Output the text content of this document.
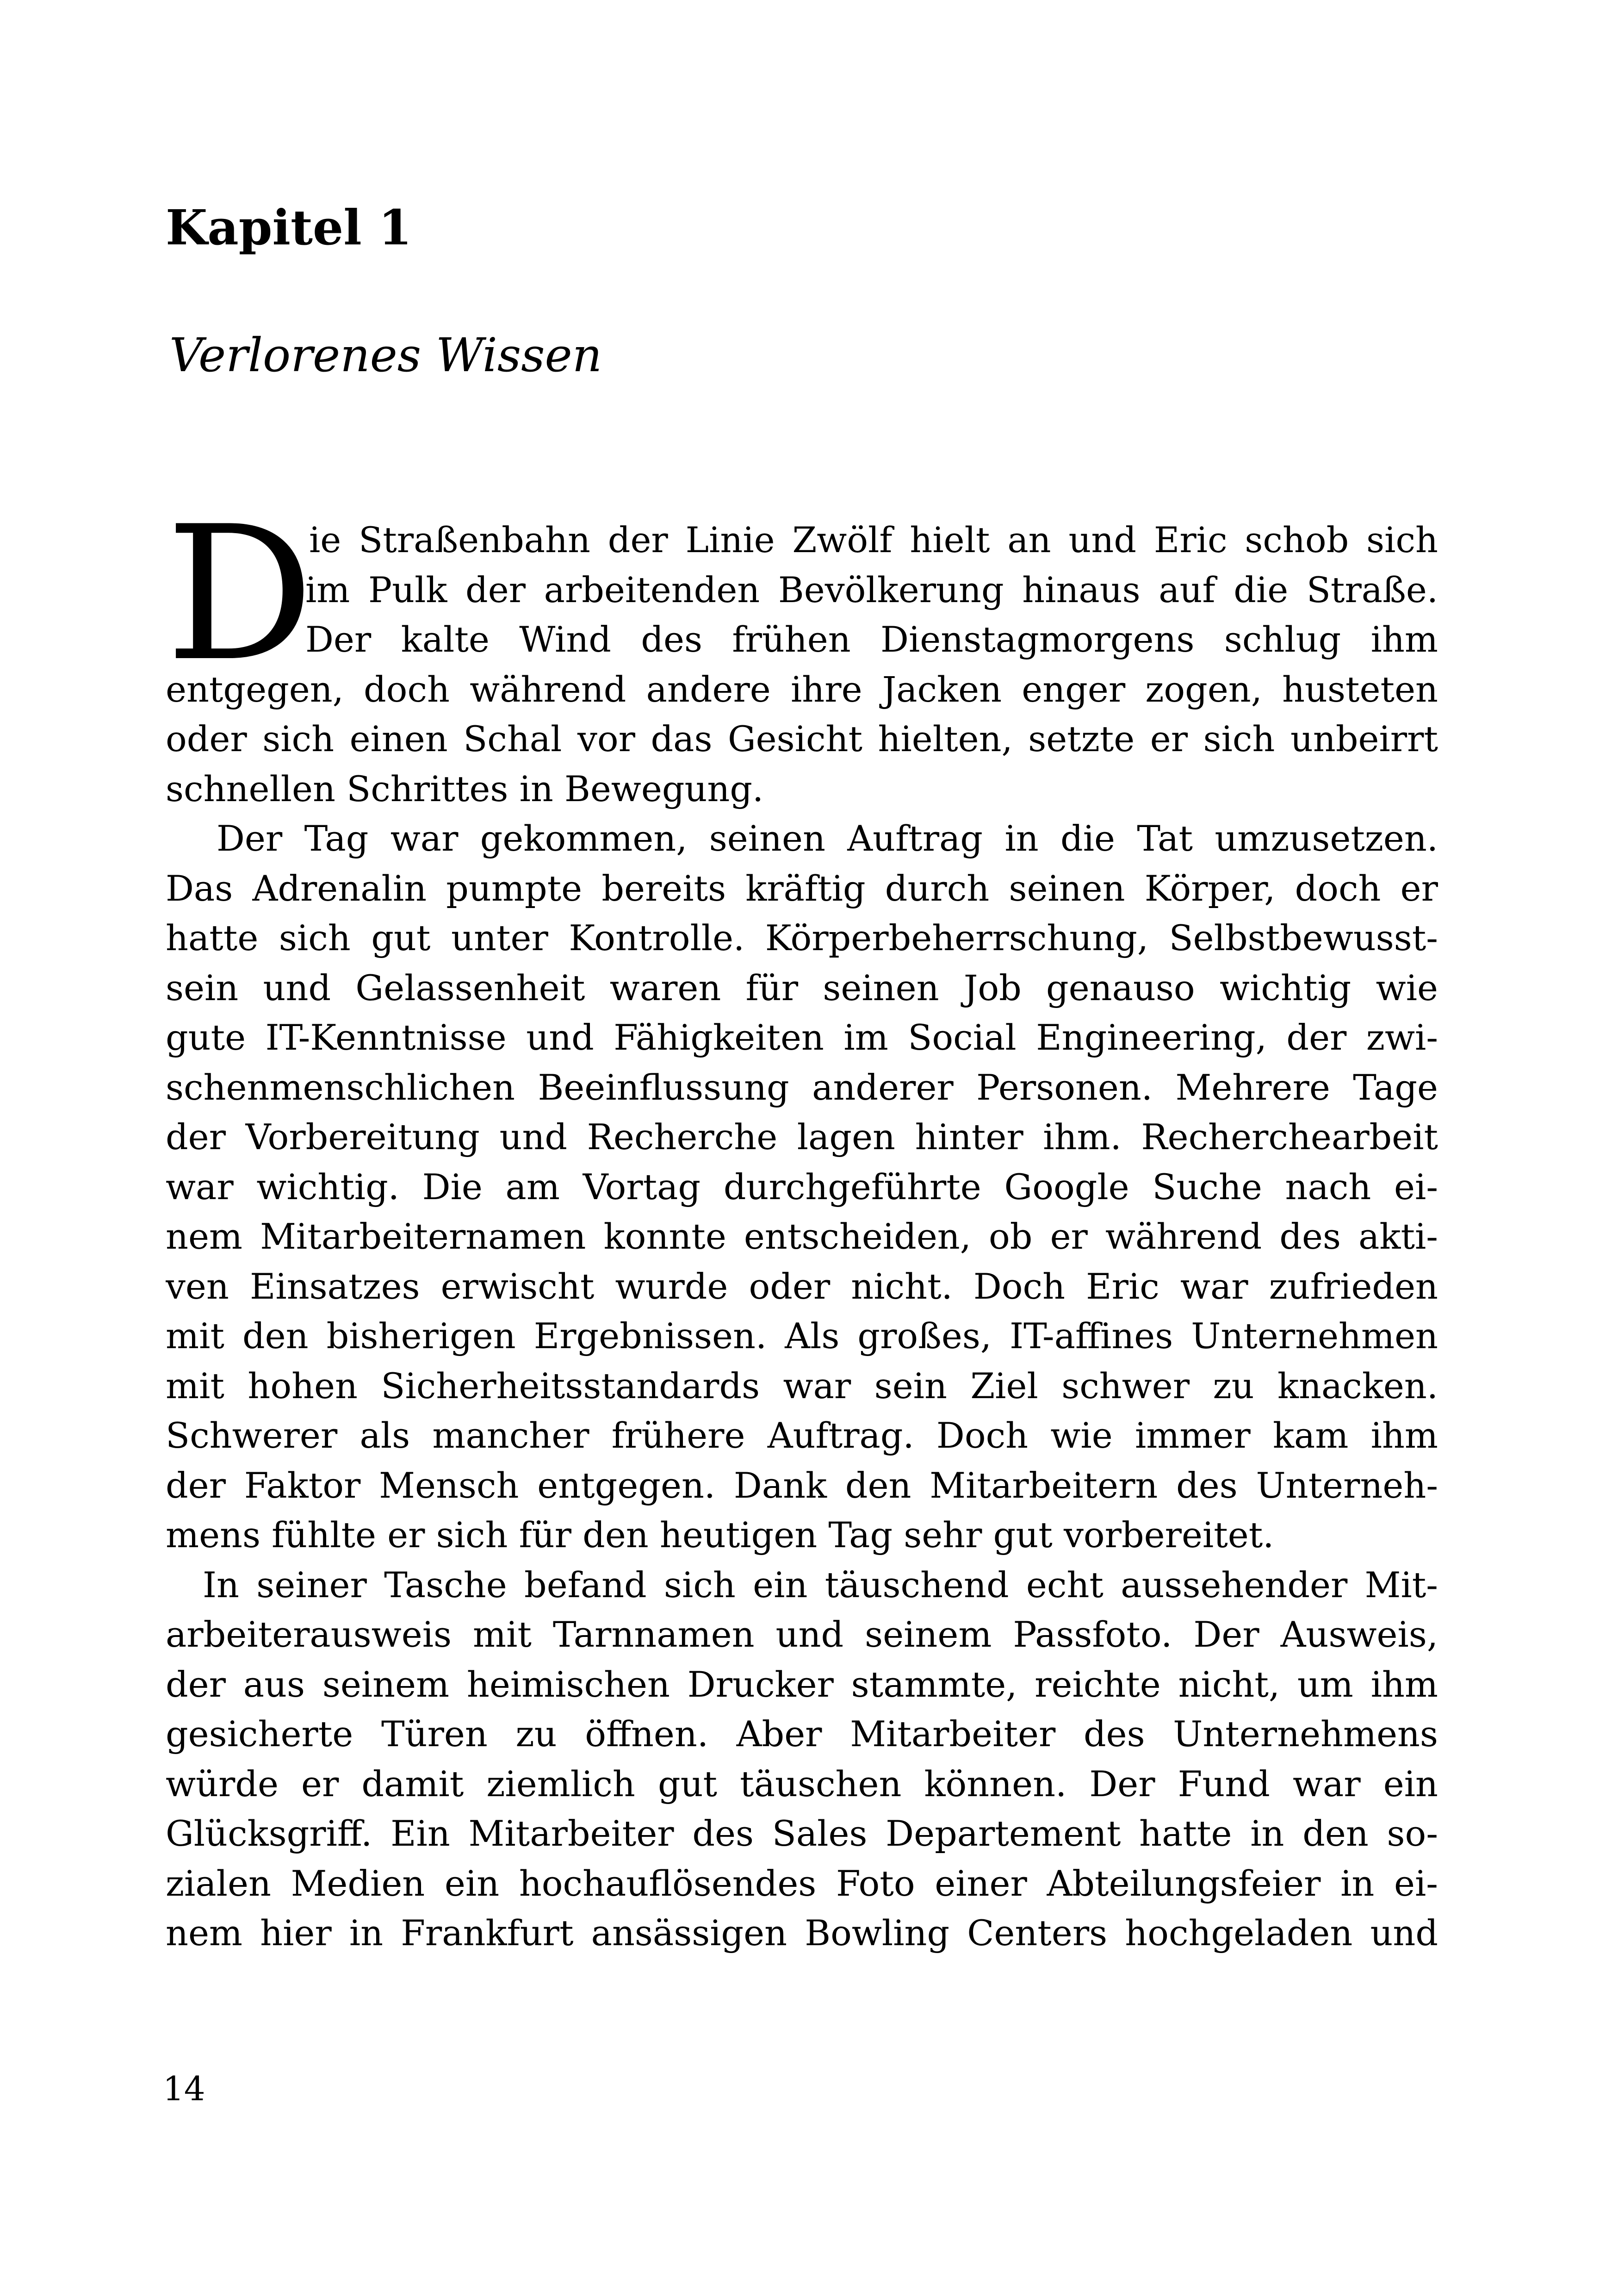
Kapitel 1
Verlorenes Wissen
D
ie Straßenbahn der Linie Zwölf hielt an und Eric schob sich
im Pulk der arbeitenden Bevölkerung hinaus auf die Straße.
Der kalte Wind des frühen Dienstagmorgens schlug ihm
entgegen, doch während andere ihre Jacken enger zogen, husteten
oder sich einen Schal vor das Gesicht hielten, setzte er sich unbeirrt
schnellen Schrittes in Bewegung.
Der Tag war gekommen, seinen Auftrag in die Tat umzusetzen.
Das Adrenalin pumpte bereits kräftig durch seinen Körper, doch er
hatte sich gut unter Kontrolle. Körperbeherrschung, Selbstbewusst-
sein und Gelassenheit waren für seinen Job genauso wichtig wie
gute IT-Kenntnisse und Fähigkeiten im Social Engineering, der zwi-
schenmenschlichen Beeinflussung anderer Personen. Mehrere Tage
der Vorbereitung und Recherche lagen hinter ihm. Recherchearbeit
war wichtig. Die am Vortag durchgeführte Google Suche nach ei-
nem Mitarbeiternamen konnte entscheiden, ob er während des akti-
ven Einsatzes erwischt wurde oder nicht. Doch Eric war zufrieden
mit den bisherigen Ergebnissen. Als großes, IT-affines Unternehmen
mit hohen Sicherheitsstandards war sein Ziel schwer zu knacken.
Schwerer als mancher frühere Auftrag. Doch wie immer kam ihm
der Faktor Mensch entgegen. Dank den Mitarbeitern des Unterneh-
mens fühlte er sich für den heutigen Tag sehr gut vorbereitet.
In seiner Tasche befand sich ein täuschend echt aussehender Mit-
arbeiterausweis mit Tarnnamen und seinem Passfoto. Der Ausweis,
der aus seinem heimischen Drucker stammte, reichte nicht, um ihm
gesicherte Türen zu öffnen. Aber Mitarbeiter des Unternehmens
würde er damit ziemlich gut täuschen können. Der Fund war ein
Glücksgriff. Ein Mitarbeiter des Sales Departement hatte in den so-
zialen Medien ein hochauflösendes Foto einer Abteilungsfeier in ei-
nem hier in Frankfurt ansässigen Bowling Centers hochgeladen und

14
